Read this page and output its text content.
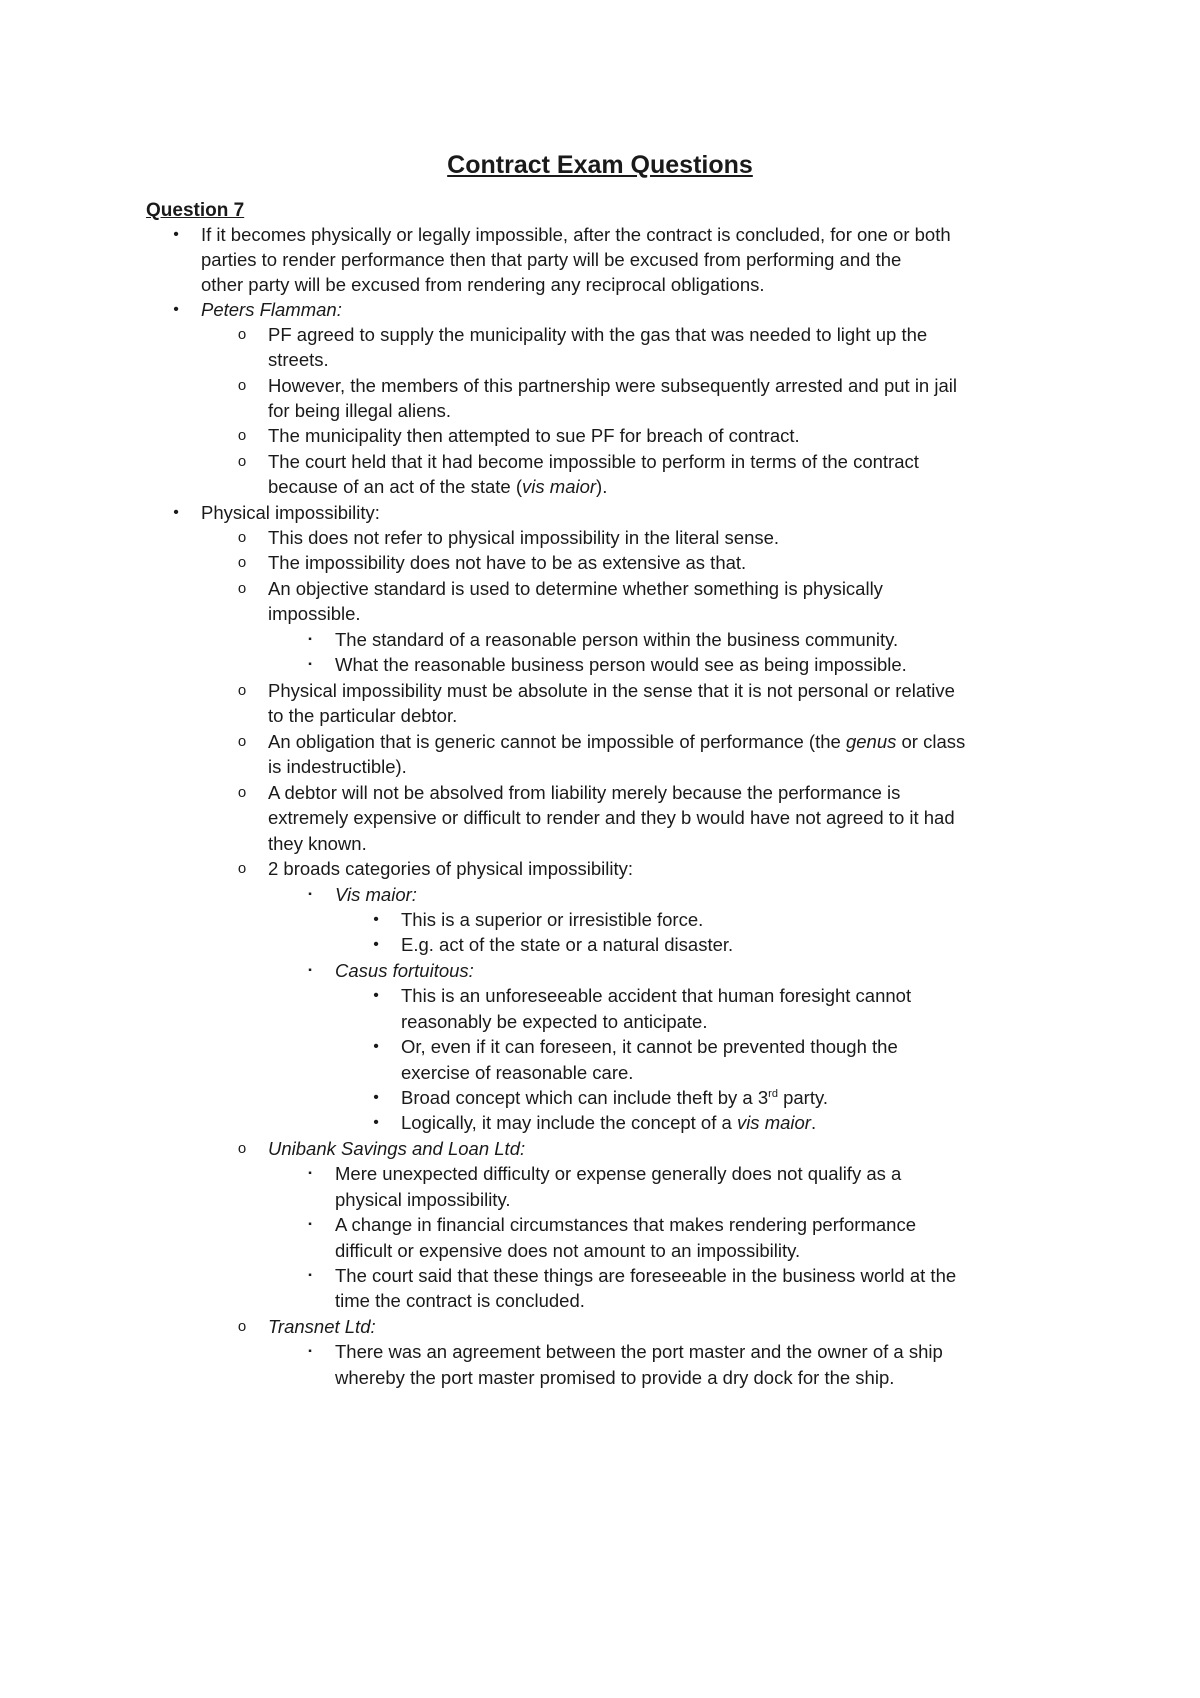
Contract Exam Questions
Question 7
•	If it becomes physically or legally impossible, after the contract is concluded, for one or both
parties to render performance then that party will be excused from performing and the
other party will be excused from rendering any reciprocal obligations.
•	Peters Flamman:
o	PF agreed to supply the municipality with the gas that was needed to light up the
streets.
o	However, the members of this partnership were subsequently arrested and put in jail
for being illegal aliens.
o	The municipality then attempted to sue PF for breach of contract.
o	The court held that it had become impossible to perform in terms of the contract
because of an act of the state (vis maior).
•	Physical impossibility:
o	This does not refer to physical impossibility in the literal sense.
o	The impossibility does not have to be as extensive as that.
o	An objective standard is used to determine whether something is physically
impossible.
▪	The standard of a reasonable person within the business community.
▪	What the reasonable business person would see as being impossible.
o	Physical impossibility must be absolute in the sense that it is not personal or relative
to the particular debtor.
o	An obligation that is generic cannot be impossible of performance (the genus or class
is indestructible).
o	A debtor will not be absolved from liability merely because the performance is
extremely expensive or difficult to render and they b would have not agreed to it had
they known.
o	2 broads categories of physical impossibility:
▪	Vis maior:
•	This is a superior or irresistible force.
•	E.g. act of the state or a natural disaster.
▪	Casus fortuitous:
•	This is an unforeseeable accident that human foresight cannot
reasonably be expected to anticipate.
•	Or, even if it can foreseen, it cannot be prevented though the
exercise of reasonable care.
•	Broad concept which can include theft by a 3rd party.
•	Logically, it may include the concept of a vis maior.
o	Unibank Savings and Loan Ltd:
▪	Mere unexpected difficulty or expense generally does not qualify as a
physical impossibility.
▪	A change in financial circumstances that makes rendering performance
difficult or expensive does not amount to an impossibility.
▪	The court said that these things are foreseeable in the business world at the
time the contract is concluded.
o	Transnet Ltd:
▪	There was an agreement between the port master and the owner of a ship
whereby the port master promised to provide a dry dock for the ship.
